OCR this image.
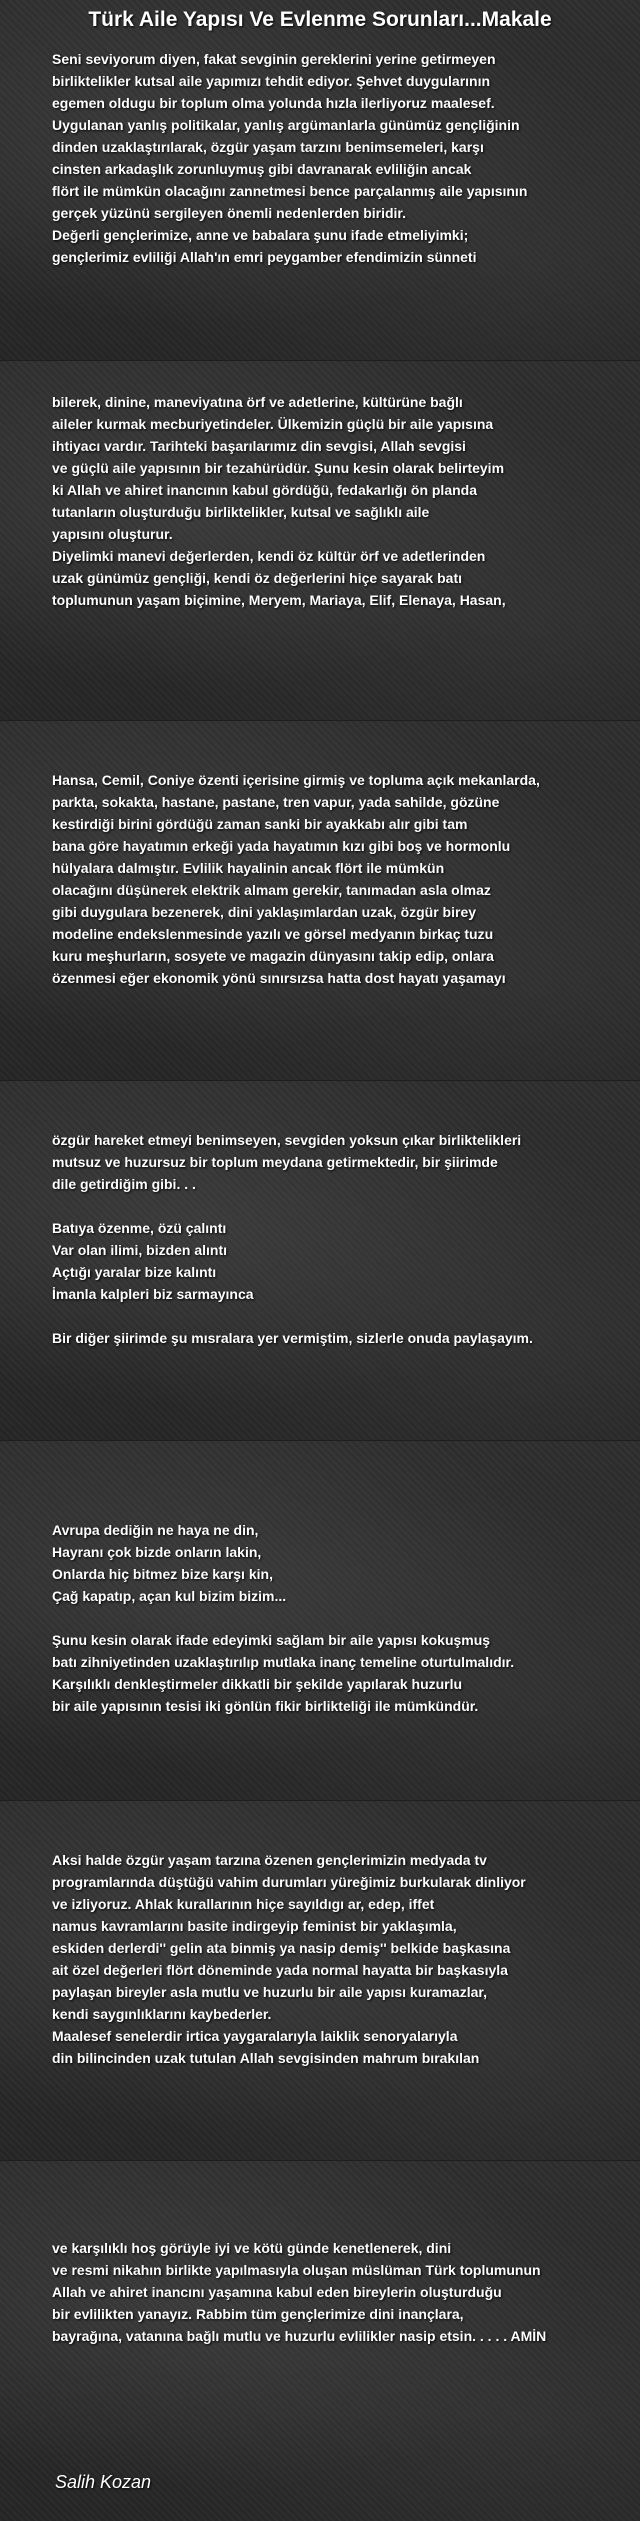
Türk Aile Yapısı Ve Evlenme Sorunları...Makale
Seni seviyorum diyen, fakat sevginin gereklerini yerine getirmeyen
birliktelikler kutsal aile yapımızı tehdit ediyor. Şehvet duygularının
egemen oldugu bir toplum olma yolunda hızla ilerliyoruz maalesef.
Uygulanan yanlış politikalar, yanlış argümanlarla günümüz gençliğinin
dinden uzaklaştırılarak, özgür yaşam tarzını benimsemeleri, karşı
cinsten arkadaşlık zorunluymuş gibi davranarak evliliğin ancak
flört ile mümkün olacağını zannetmesi bence parçalanmış aile yapısının
gerçek yüzünü sergileyen önemli nedenlerden biridir.
Değerli gençlerimize, anne ve babalara şunu ifade etmeliyimki;
gençlerimiz evliliği Allah'ın emri peygamber efendimizin sünneti
bilerek, dinine, maneviyatına örf ve adetlerine, kültürüne bağlı
aileler kurmak mecburiyetindeler. Ülkemizin güçlü bir aile yapısına
ihtiyacı vardır. Tarihteki başarılarımız din sevgisi, Allah sevgisi
ve güçlü aile yapısının bir tezahürüdür. Şunu kesin olarak belirteyim
ki Allah ve ahiret inancının kabul gördüğü, fedakarlığı ön planda
tutanların oluşturduğu birliktelikler, kutsal ve sağlıklı aile
yapısını oluşturur.
Diyelimki manevi değerlerden, kendi öz kültür örf ve adetlerinden
uzak günümüz gençliği, kendi öz değerlerini hiçe sayarak batı
toplumunun yaşam biçimine, Meryem, Mariaya, Elif, Elenaya, Hasan,
Hansa, Cemil, Coniye özenti içerisine girmiş ve topluma açık mekanlarda,
parkta, sokakta, hastane, pastane, tren vapur, yada sahilde, gözüne
kestirdiği birini gördüğü zaman sanki bir ayakkabı alır gibi tam
bana göre hayatımın erkeği yada hayatımın kızı gibi boş ve hormonlu
hülyalara dalmıştır. Evlilik hayalinin ancak flört ile mümkün
olacağını düşünerek elektrik almam gerekir, tanımadan asla olmaz
gibi duygulara bezenerek, dini yaklaşımlardan uzak, özgür birey
modeline endekslenmesinde yazılı ve görsel medyanın birkaç tuzu
kuru meşhurların, sosyete ve magazin dünyasını takip edip, onlara
özenmesi eğer ekonomik yönü sınırsızsa hatta dost hayatı yaşamayı
özgür hareket etmeyi benimseyen, sevgiden yoksun çıkar birliktelikleri
mutsuz ve huzursuz bir toplum meydana getirmektedir, bir şiirimde
dile getirdiğim gibi. . .
Batıya özenme, özü çalıntı
Var olan ilimi, bizden alıntı
Açtığı yaralar bize kalıntı
İmanla kalpleri biz sarmayınca
Bir diğer şiirimde şu mısralara yer vermiştim, sizlerle onuda paylaşayım.
Avrupa dediğin ne haya ne din,
Hayranı çok bizde onların lakin,
Onlarda hiç bitmez bize karşı kin,
Çağ kapatıp, açan kul bizim bizim...
Şunu kesin olarak ifade edeyimki sağlam bir aile yapısı kokuşmuş
batı zihniyetinden uzaklaştırılıp mutlaka inanç temeline oturtulmalıdır.
Karşılıklı denkleştirmeler dikkatli bir şekilde yapılarak huzurlu
bir aile yapısının tesisi iki gönlün fikir birlikteliği ile mümkündür.
Aksi halde özgür yaşam tarzına özenen gençlerimizin medyada tv
programlarında düştüğü vahim durumları yüreğimiz burkularak dinliyor
ve izliyoruz. Ahlak kurallarının hiçe sayıldıgı ar, edep, iffet
namus kavramlarını basite indirgeyip feminist bir yaklaşımla,
eskiden derlerdi'' gelin ata binmiş ya nasip demiş'' belkide başkasına
ait özel değerleri flört döneminde yada normal hayatta bir başkasıyla
paylaşan bireyler asla mutlu ve huzurlu bir aile yapısı kuramazlar,
kendi saygınlıklarını kaybederler.
Maalesef senelerdir irtica yaygaralarıyla laiklik senoryalarıyla
din bilincinden uzak tutulan Allah sevgisinden mahrum bırakılan
ve karşılıklı hoş görüyle iyi ve kötü günde kenetlenerek, dini
ve resmi nikahın birlikte yapılmasıyla oluşan müslüman Türk toplumunun
Allah ve ahiret inancını yaşamına kabul eden bireylerin oluşturduğu
bir evlilikten yanayız. Rabbim tüm gençlerimize dini inançlara,
bayrağına, vatanına bağlı mutlu ve huzurlu evlilikler nasip etsin. . . . . AMİN
Salih Kozan
